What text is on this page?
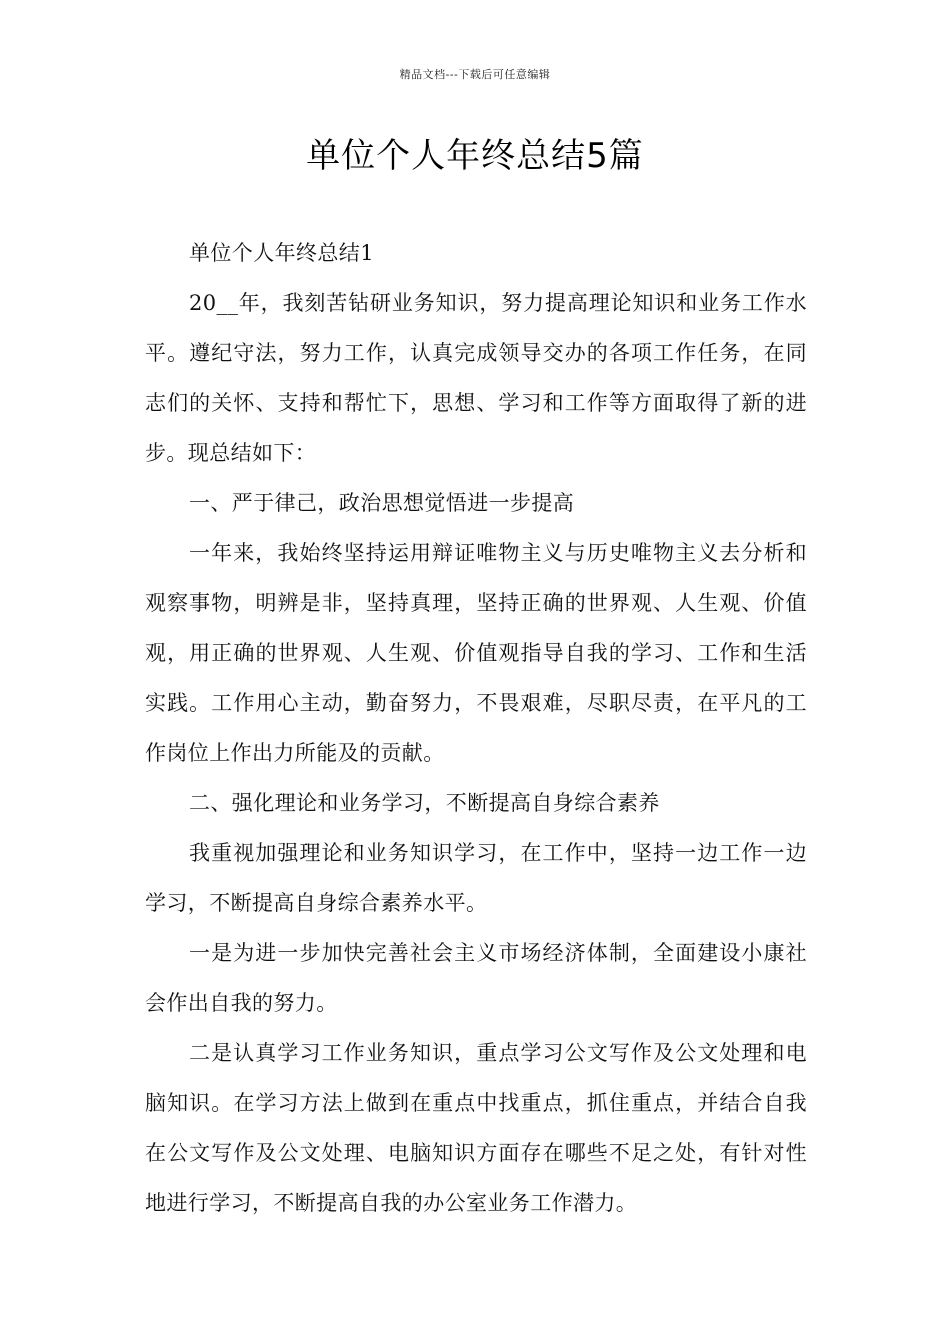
精品文档---下载后可任意编辑
单位个人年终总结5篇

单位个人年终总结1

20__年，我刻苦钻研业务知识，努力提高理论知识和业务工作水平。遵纪守法，努力工作，认真完成领导交办的各项工作任务，在同志们的关怀、支持和帮忙下，思想、学习和工作等方面取得了新的进步。现总结如下：

一、严于律己，政治思想觉悟进一步提高

一年来，我始终坚持运用辩证唯物主义与历史唯物主义去分析和观察事物，明辨是非，坚持真理，坚持正确的世界观、人生观、价值观，用正确的世界观、人生观、价值观指导自我的学习、工作和生活实践。工作用心主动，勤奋努力，不畏艰难，尽职尽责，在平凡的工作岗位上作出力所能及的贡献。

二、强化理论和业务学习，不断提高自身综合素养

我重视加强理论和业务知识学习，在工作中，坚持一边工作一边学习，不断提高自身综合素养水平。

一是为进一步加快完善社会主义市场经济体制，全面建设小康社会作出自我的努力。

二是认真学习工作业务知识，重点学习公文写作及公文处理和电脑知识。在学习方法上做到在重点中找重点，抓住重点，并结合自我在公文写作及公文处理、电脑知识方面存在哪些不足之处，有针对性地进行学习，不断提高自我的办公室业务工作潜力。
